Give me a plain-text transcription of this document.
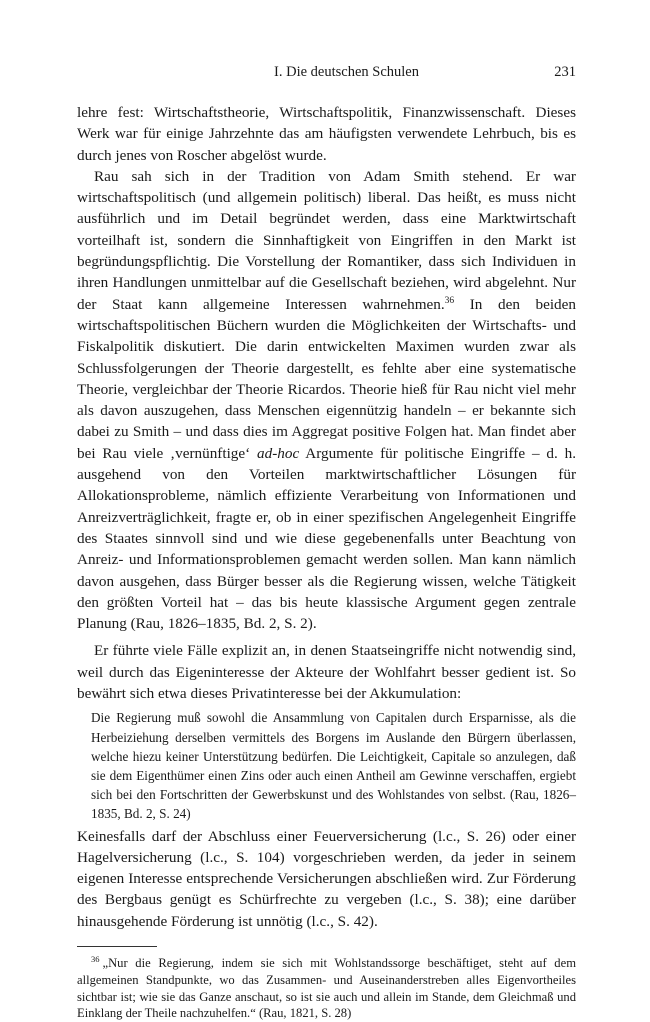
I. Die deutschen Schulen	231

lehre fest: Wirtschaftstheorie, Wirtschaftspolitik, Finanzwissenschaft. Dieses Werk war für einige Jahrzehnte das am häufigsten verwendete Lehrbuch, bis es durch jenes von Roscher abgelöst wurde.

Rau sah sich in der Tradition von Adam Smith stehend. Er war wirtschaftspolitisch (und allgemein politisch) liberal. Das heißt, es muss nicht ausführlich und im Detail begründet werden, dass eine Marktwirtschaft vorteilhaft ist, sondern die Sinnhaftigkeit von Eingriffen in den Markt ist begründungspflichtig. Die Vorstellung der Romantiker, dass sich Individuen in ihren Handlungen unmittelbar auf die Gesellschaft beziehen, wird abgelehnt. Nur der Staat kann allgemeine Interessen wahrnehmen.$^{36}$ In den beiden wirtschaftspolitischen Büchern wurden die Möglichkeiten der Wirtschafts- und Fiskalpolitik diskutiert. Die darin entwickelten Maximen wurden zwar als Schlussfolgerungen der Theorie dargestellt, es fehlte aber eine systematische Theorie, vergleichbar der Theorie Ricardos. Theorie hieß für Rau nicht viel mehr als davon auszugehen, dass Menschen eigennützig handeln – er bekannte sich dabei zu Smith – und dass dies im Aggregat positive Folgen hat. Man findet aber bei Rau viele ‚vernünftige‘ ad-hoc Argumente für politische Eingriffe – d. h. ausgehend von den Vorteilen marktwirtschaftlicher Lösungen für Allokationsprobleme, nämlich effiziente Verarbeitung von Informationen und Anreizverträglichkeit, fragte er, ob in einer spezifischen Angelegenheit Eingriffe des Staates sinnvoll sind und wie diese gegebenenfalls unter Beachtung von Anreiz- und Informationsproblemen gemacht werden sollen. Man kann nämlich davon ausgehen, dass Bürger besser als die Regierung wissen, welche Tätigkeit den größten Vorteil hat – das bis heute klassische Argument gegen zentrale Planung (Rau, 1826–1835, Bd. 2, S. 2).

Er führte viele Fälle explizit an, in denen Staatseingriffe nicht notwendig sind, weil durch das Eigeninteresse der Akteure der Wohlfahrt besser gedient ist. So bewährt sich etwa dieses Privatinteresse bei der Akkumulation:

Die Regierung muß sowohl die Ansammlung von Capitalen durch Ersparnisse, als die Herbeiziehung derselben vermittels des Borgens im Auslande den Bürgern überlassen, welche hiezu keiner Unterstützung bedürfen. Die Leichtigkeit, Capitale so anzulegen, daß sie dem Eigenthümer einen Zins oder auch einen Antheil am Gewinne verschaffen, ergiebt sich bei den Fortschritten der Gewerbskunst und des Wohlstandes von selbst. (Rau, 1826–1835, Bd. 2, S. 24)

Keinesfalls darf der Abschluss einer Feuerversicherung (l.c., S. 26) oder einer Hagelversicherung (l.c., S. 104) vorgeschrieben werden, da jeder in seinem eigenen Interesse entsprechende Versicherungen abschließen wird. Zur Förderung des Bergbaus genügt es Schürfrechte zu vergeben (l.c., S. 38); eine darüber hinausgehende Förderung ist unnötig (l.c., S. 42).

$^{36}$ „Nur die Regierung, indem sie sich mit Wohlstandssorge beschäftiget, steht auf dem allgemeinen Standpunkte, wo das Zusammen- und Auseinanderstreben alles Eigenvortheiles sichtbar ist; wie sie das Ganze anschaut, so ist sie auch und allein im Stande, dem Gleichmaß und Einklang der Theile nachzuhelfen.“ (Rau, 1821, S. 28)
